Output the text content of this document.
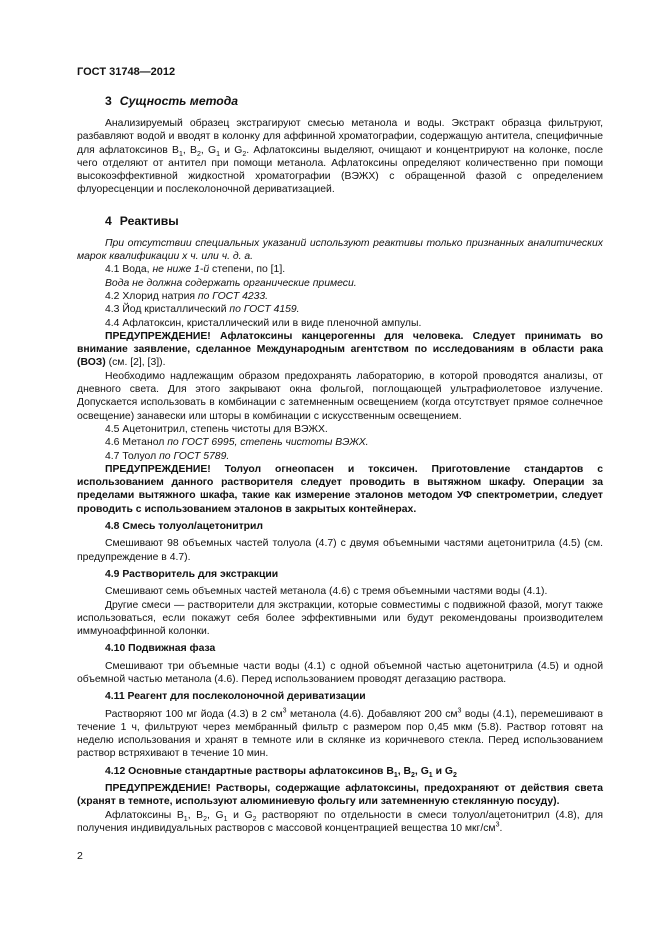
ГОСТ 31748—2012
3 Сущность метода

Анализируемый образец экстрагируют смесью метанола и воды. Экстракт образца фильтруют, разбавляют водой и вводят в колонку для аффинной хроматографии, содержащую антитела, специфичные для афлатоксинов $B_1$, $B_2$, $G_1$ и $G_2$. Афлатоксины выделяют, очищают и концентрируют на колонке, после чего отделяют от антител при помощи метанола. Афлатоксины определяют количественно при помощи высокоэффективной жидкостной хроматографии (ВЭЖХ) с обращенной фазой с определением флуоресценции и послеколоночной дериватизацией.

4 Реактивы

При отсутствии специальных указаний используют реактивы только признанных аналитических марок квалификации х ч. или ч. д. а.

4.1 Вода, не ниже 1-й степени, по [1].

Вода не должна содержать органические примеси.

4.2 Хлорид натрия по ГОСТ 4233.

4.3 Йод кристаллический по ГОСТ 4159.

4.4 Афлатоксин, кристаллический или в виде пленочной ампулы.

ПРЕДУПРЕЖДЕНИЕ! Афлатоксины канцерогенны для человека. Следует принимать во внимание заявление, сделанное Международным агентством по исследованиям в области рака (ВОЗ) (см. [2], [3]).

Необходимо надлежащим образом предохранять лабораторию, в которой проводятся анализы, от дневного света. Для этого закрывают окна фольгой, поглощающей ультрафиолетовое излучение. Допускается использовать в комбинации с затемненным освещением (когда отсутствует прямое солнечное освещение) занавески или шторы в комбинации с искусственным освещением.

4.5 Ацетонитрил, степень чистоты для ВЭЖХ.

4.6 Метанол по ГОСТ 6995, степень чистоты ВЭЖХ.

4.7 Толуол по ГОСТ 5789.

ПРЕДУПРЕЖДЕНИЕ! Толуол огнеопасен и токсичен. Приготовление стандартов с использованием данного растворителя следует проводить в вытяжном шкафу. Операции за пределами вытяжного шкафа, такие как измерение эталонов методом УФ спектрометрии, следует проводить с использованием эталонов в закрытых контейнерах.

4.8 Смесь толуол/ацетонитрил

Смешивают 98 объемных частей толуола (4.7) с двумя объемными частями ацетонитрила (4.5) (см. предупреждение в 4.7).

4.9 Растворитель для экстракции

Смешивают семь объемных частей метанола (4.6) с тремя объемными частями воды (4.1).

Другие смеси — растворители для экстракции, которые совместимы с подвижной фазой, могут также использоваться, если покажут себя более эффективными или будут рекомендованы производителем иммуноаффинной колонки.

4.10 Подвижная фаза

Смешивают три объемные части воды (4.1) с одной объемной частью ацетонитрила (4.5) и одной объемной частью метанола (4.6). Перед использованием проводят дегазацию раствора.

4.11 Реагент для послеколоночной дериватизации

Растворяют 100 мг йода (4.3) в 2 $см^3$ метанола (4.6). Добавляют 200 $см^3$ воды (4.1), перемешивают в течение 1 ч, фильтруют через мембранный фильтр с размером пор 0,45 мкм (5.8). Раствор готовят на неделю использования и хранят в темноте или в склянке из коричневого стекла. Перед использованием раствор встряхивают в течение 10 мин.

4.12 Основные стандартные растворы афлатоксинов $B_1$, $B_2$, $G_1$ и $G_2$

ПРЕДУПРЕЖДЕНИЕ! Растворы, содержащие афлатоксины, предохраняют от действия света (хранят в темноте, используют алюминиевую фольгу или затемненную стеклянную посуду).

Афлатоксины $B_1$, $B_2$, $G_1$ и $G_2$ растворяют по отдельности в смеси толуол/ацетонитрил (4.8), для получения индивидуальных растворов с массовой концентрацией вещества 10 мкг/$см^3$.

2
